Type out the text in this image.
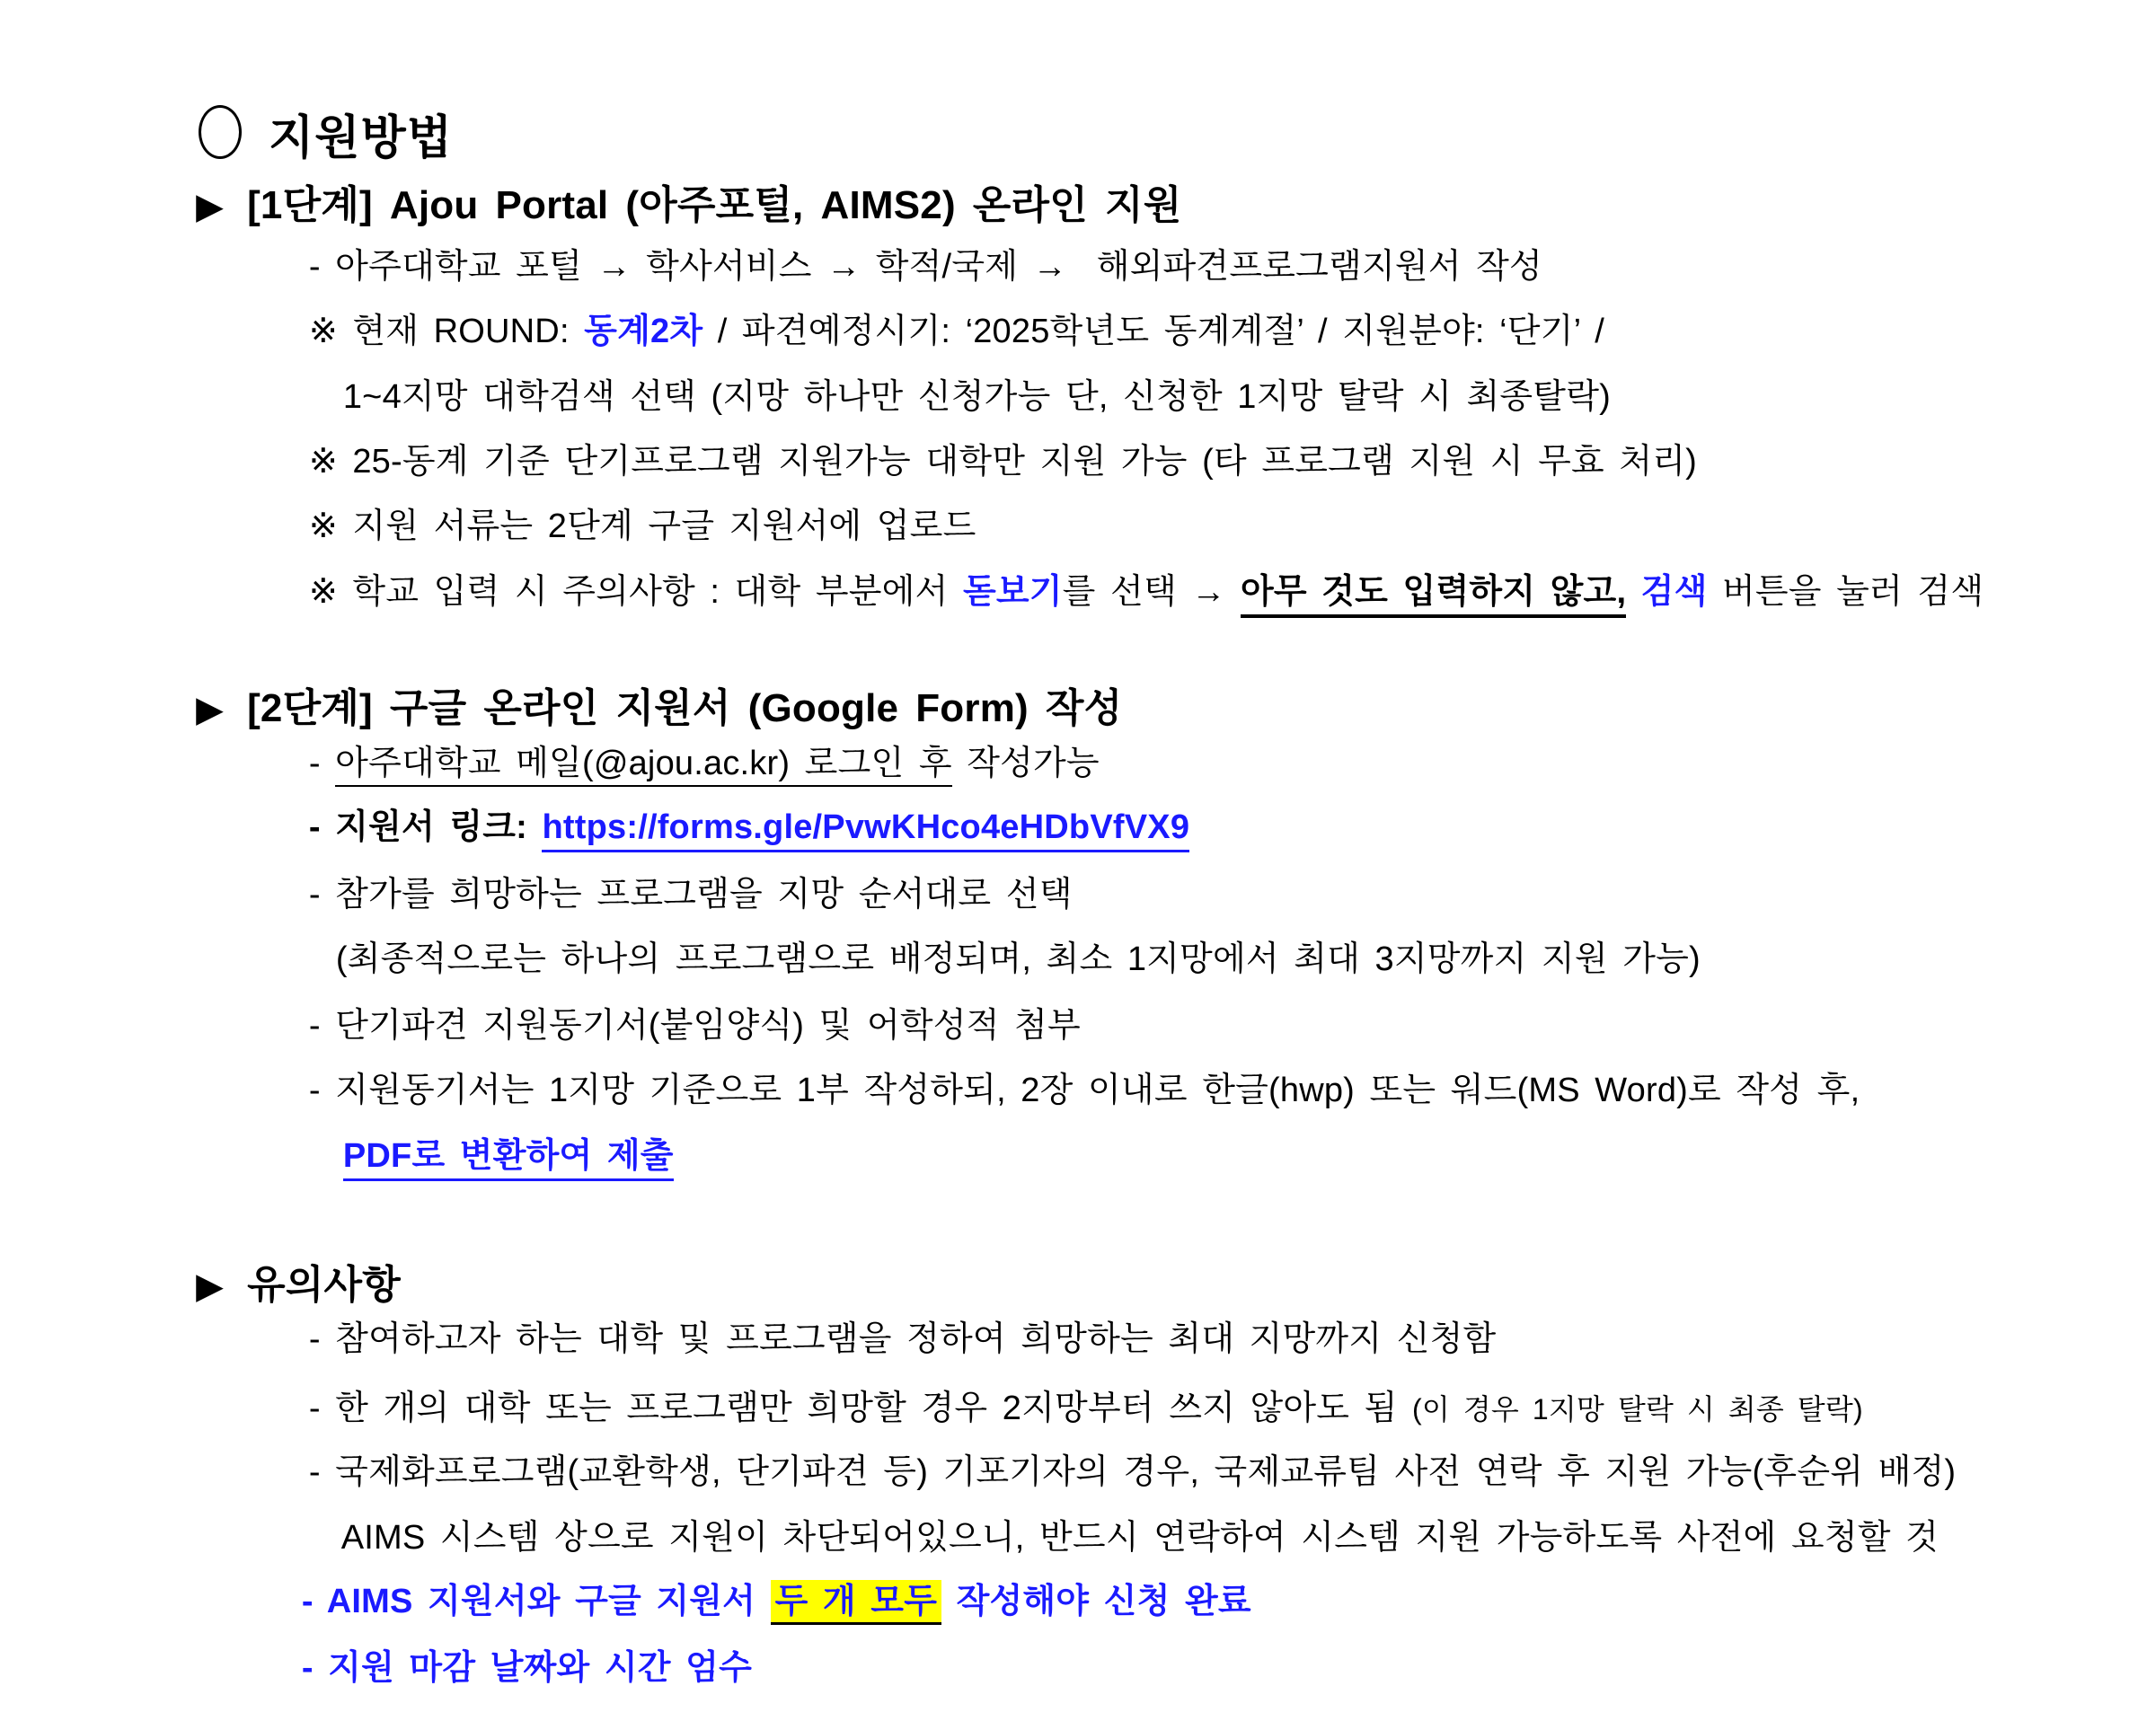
지원방법

▶ [1단계] Ajou Portal (아주포털, AIMS2) 온라인 지원

- 아주대학교 포털 → 학사서비스 → 학적/국제 →  해외파견프로그램지원서 작성

※ 현재 ROUND: 동계2차 / 파견예정시기: ‘2025학년도 동계계절’ / 지원분야: ‘단기’ /

1~4지망 대학검색 선택 (지망 하나만 신청가능 단, 신청한 1지망 탈락 시 최종탈락)

※ 25-동계 기준 단기프로그램 지원가능 대학만 지원 가능 (타 프로그램 지원 시 무효 처리)

※ 지원 서류는 2단계 구글 지원서에 업로드

※ 학교 입력 시 주의사항 : 대학 부분에서 돋보기를 선택 → 아무 것도 입력하지 않고, 검색 버튼을 눌러 검색

▶ [2단계] 구글 온라인 지원서 (Google Form) 작성

- 아주대학교 메일(@ajou.ac.kr) 로그인 후 작성가능

- 지원서 링크: https://forms.gle/PvwKHco4eHDbVfVX9

- 참가를 희망하는 프로그램을 지망 순서대로 선택

(최종적으로는 하나의 프로그램으로 배정되며, 최소 1지망에서 최대 3지망까지 지원 가능)

- 단기파견 지원동기서(붙임양식) 및 어학성적 첨부

- 지원동기서는 1지망 기준으로 1부 작성하되, 2장 이내로 한글(hwp) 또는 워드(MS Word)로 작성 후,

PDF로 변환하여 제출

▶ 유의사항

- 참여하고자 하는 대학 및 프로그램을 정하여 희망하는 최대 지망까지 신청함

- 한 개의 대학 또는 프로그램만 희망할 경우 2지망부터 쓰지 않아도 됨 (이 경우 1지망 탈락 시 최종 탈락)

- 국제화프로그램(교환학생, 단기파견 등) 기포기자의 경우, 국제교류팀 사전 연락 후 지원 가능(후순위 배정)

AIMS 시스템 상으로 지원이 차단되어있으니, 반드시 연락하여 시스템 지원 가능하도록 사전에 요청할 것

- AIMS 지원서와 구글 지원서 두 개 모두 작성해야 신청 완료

- 지원 마감 날짜와 시간 엄수
